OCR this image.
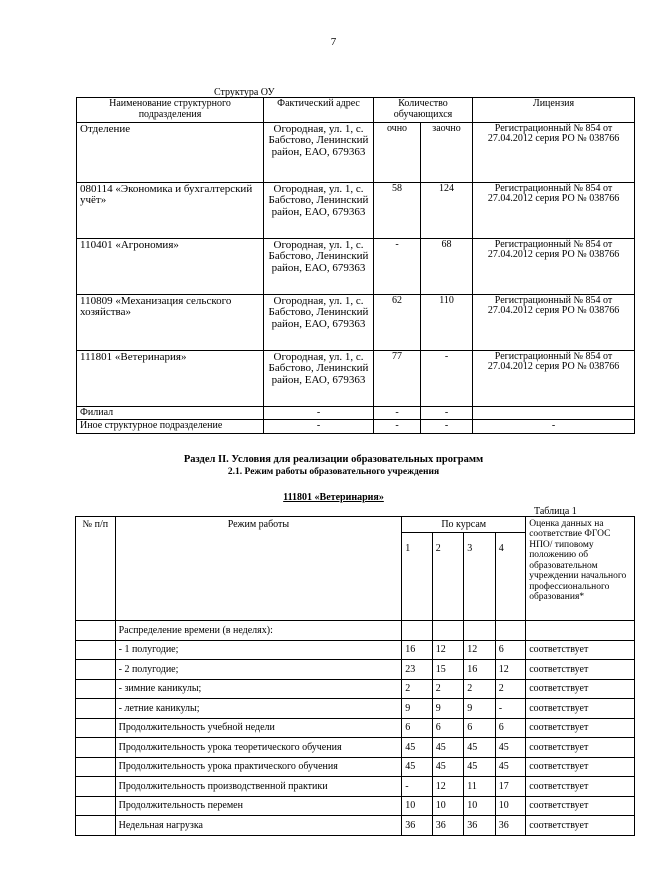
7
Структура ОУ
Наименование структурного подразделения	Фактический адрес	Количество обучающихся		Лицензия
Отделение	Огородная, ул. 1, с. Бабстово, Ленинский район, ЕАО, 679363	очно	заочно	Регистрационный № 854 от 27.04.2012 серия РО № 038766
080114 «Экономика и бухгалтерский учёт»	Огородная, ул. 1, с. Бабстово, Ленинский район, ЕАО, 679363	58	124	Регистрационный № 854 от 27.04.2012 серия РО № 038766
110401 «Агрономия»	Огородная, ул. 1, с. Бабстово, Ленинский район, ЕАО, 679363	-	68	Регистрационный № 854 от 27.04.2012 серия РО № 038766
110809 «Механизация сельского хозяйства»	Огородная, ул. 1, с. Бабстово, Ленинский район, ЕАО, 679363	62	110	Регистрационный № 854 от 27.04.2012 серия РО № 038766
111801 «Ветеринария»	Огородная, ул. 1, с. Бабстово, Ленинский район, ЕАО, 679363	77	-	Регистрационный № 854 от 27.04.2012 серия РО № 038766
Филиал	-	-	-	
Иное структурное подразделение	-	-	-	-
Раздел II. Условия для реализации образовательных программ
2.1. Режим работы образовательного учреждения
111801 «Ветеринария»
Таблица 1
№ п/п	Режим работы	По курсам				Оценка данных на соответствие ФГОС НПО/ типовому положению об образовательном учреждении начального профессионального образования*
		1	2	3	4	
	Распределение времени (в неделях):					
	- 1 полугодие;	16	12	12	6	соответствует
	- 2 полугодие;	23	15	16	12	соответствует
	- зимние каникулы;	2	2	2	2	соответствует
	- летние каникулы;	9	9	9	-	соответствует
	Продолжительность учебной недели	6	6	6	6	соответствует
	Продолжительность урока теоретического обучения	45	45	45	45	соответствует
	Продолжительность урока практического обучения	45	45	45	45	соответствует
	Продолжительность производственной практики	-	12	11	17	соответствует
	Продолжительность перемен	10	10	10	10	соответствует
	Недельная нагрузка	36	36	36	36	соответствует
